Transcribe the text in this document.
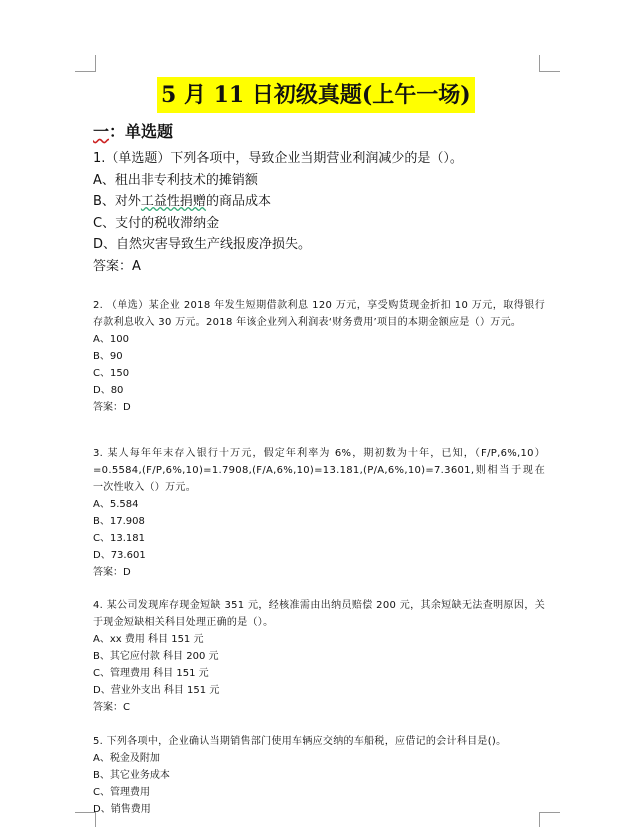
5 月 11 日初级真题(上午一场)
一：单选题
1.（单选题）下列各项中，导致企业当期营业利润减少的是（）。
A、租出非专利技术的摊销额
B、对外工益性捐赠的商品成本
C、支付的税收滞纳金
D、自然灾害导致生产线报废净损失。
答案：A
2. （单选）某企业 2018 年发生短期借款利息 120 万元，享受购货现金折扣 10 万元，取得银行存款利息收入 30 万元。2018 年该企业列入利润表‘财务费用’项目的本期金额应是（）万元。
A、100
B、90
C、150
D、80
答案：D
3. 某人每年年末存入银行十万元，假定年利率为 6%，期初数为十年，已知，（F/P,6%,10）=0.5584,(F/P,6%,10)=1.7908,(F/A,6%,10)=13.181,(P/A,6%,10)=7.3601,则相当于现在一次性收入（）万元。
A、5.584
B、17.908
C、13.181
D、73.601
答案：D
4. 某公司发现库存现金短缺 351 元，经核准需由出纳员赔偿 200 元，其余短缺无法查明原因，关于现金短缺相关科目处理正确的是（）。
A、xx 费用 科目 151 元
B、其它应付款 科目 200 元
C、管理费用 科目 151 元
D、营业外支出 科目 151 元
答案：C
5. 下列各项中，企业确认当期销售部门使用车辆应交纳的车船税，应借记的会计科目是()。
A、税金及附加
B、其它业务成本
C、管理费用
D、销售费用
